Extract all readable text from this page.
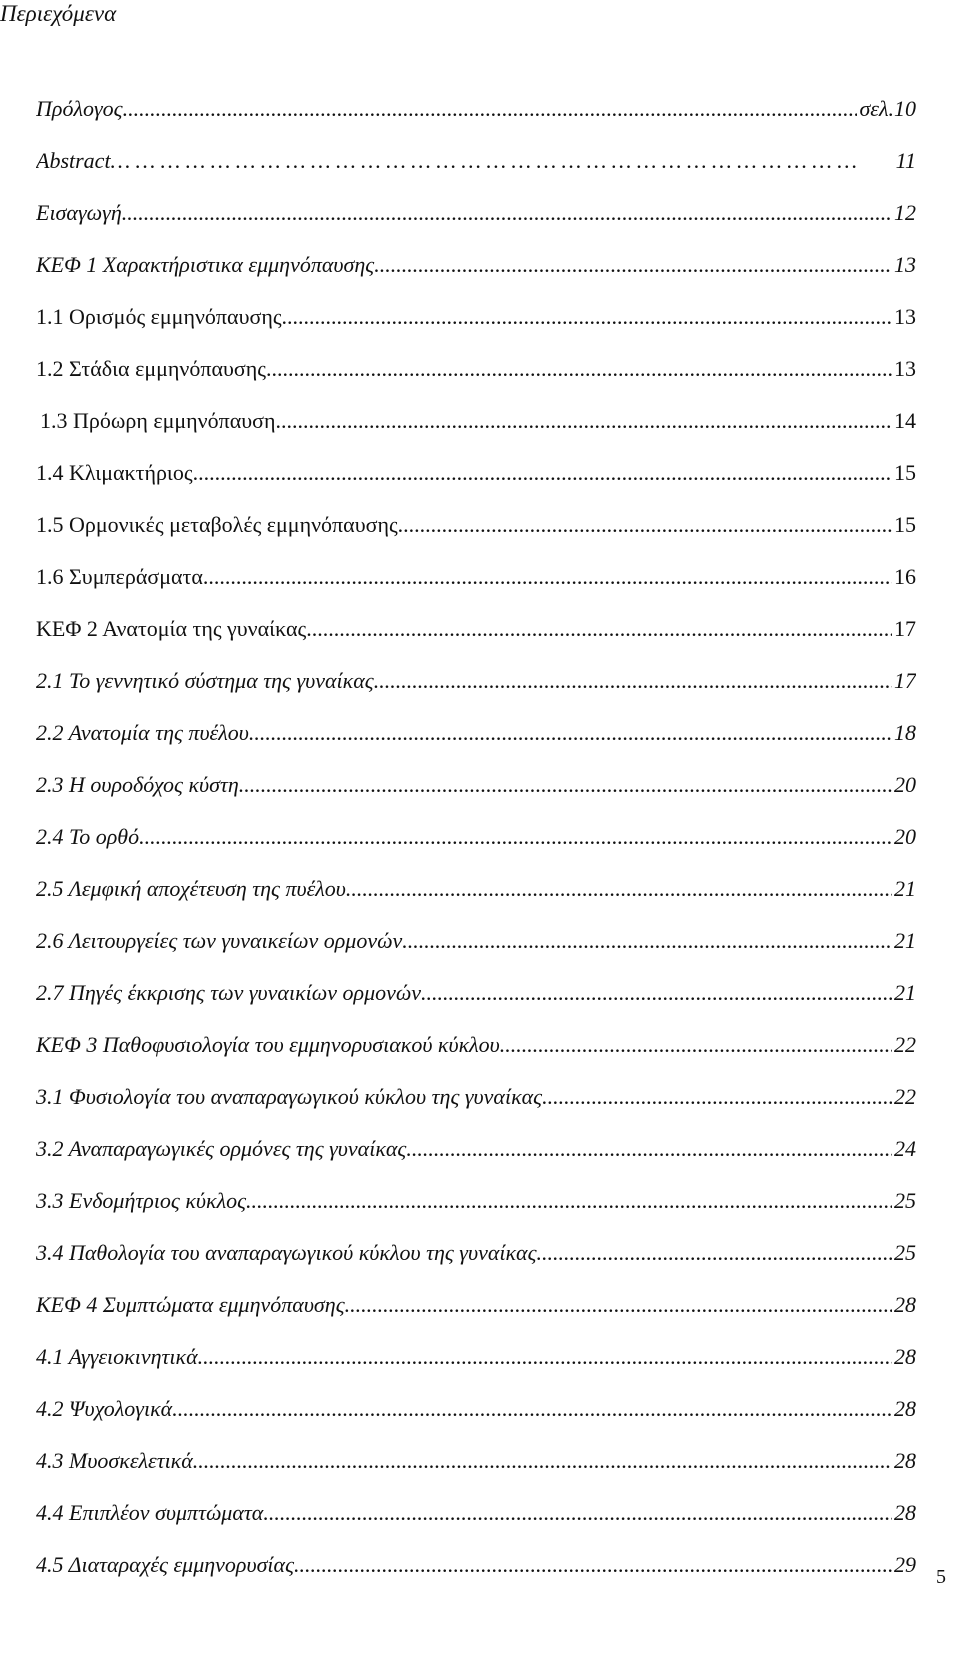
Περιεχόμενα
Πρόλογος .....	σελ.10
Abstract … … … … … … … … … … … … … … … … … … … … … … … … … … … … … …	11
Εισαγωγή .....	12
ΚΕΦ 1 Χαρακτήριστικα εμμηνόπαυσης .....	13
1.1 Ορισμός εμμηνόπαυσης .....	13
1.2 Στάδια εμμηνόπαυσης .....	13
1.3 Πρόωρη εμμηνόπαυση .....	14
1.4 Κλιμακτήριος .....	15
1.5 Ορμονικές μεταβολές εμμηνόπαυσης .....	15
1.6 Συμπεράσματα .....	16
ΚΕΦ 2 Ανατομία της γυναίκας .....	17
2.1 Το γεννητικό σύστημα της γυναίκας .....	17
2.2 Ανατομία της πυέλου .....	18
2.3 Η ουροδόχος κύστη .....	20
2.4 Το ορθό .....	20
2.5 Λεμφική αποχέτευση της πυέλου .....	21
2.6 Λειτουργείες των γυναικείων ορμονών .....	21
2.7 Πηγές έκκρισης των γυναικίων ορμονών .....	21
ΚΕΦ 3 Παθοφυσιολογία του εμμηνορυσιακού κύκλου .....	22
3.1 Φυσιολογία του αναπαραγωγικού κύκλου της γυναίκας .....	22
3.2 Αναπαραγωγικές ορμόνες της γυναίκας .....	24
3.3 Ενδομήτριος κύκλος .....	25
3.4 Παθολογία του αναπαραγωγικού κύκλου της γυναίκας .....	25
ΚΕΦ 4 Συμπτώματα εμμηνόπαυσης .....	28
4.1 Αγγειοκινητικά .....	28
4.2 Ψυχολογικά .....	28
4.3 Μυοσκελετικά .....	28
4.4 Επιπλέον συμπτώματα .....	28
4.5 Διαταραχές εμμηνορυσίας .....	29 5
